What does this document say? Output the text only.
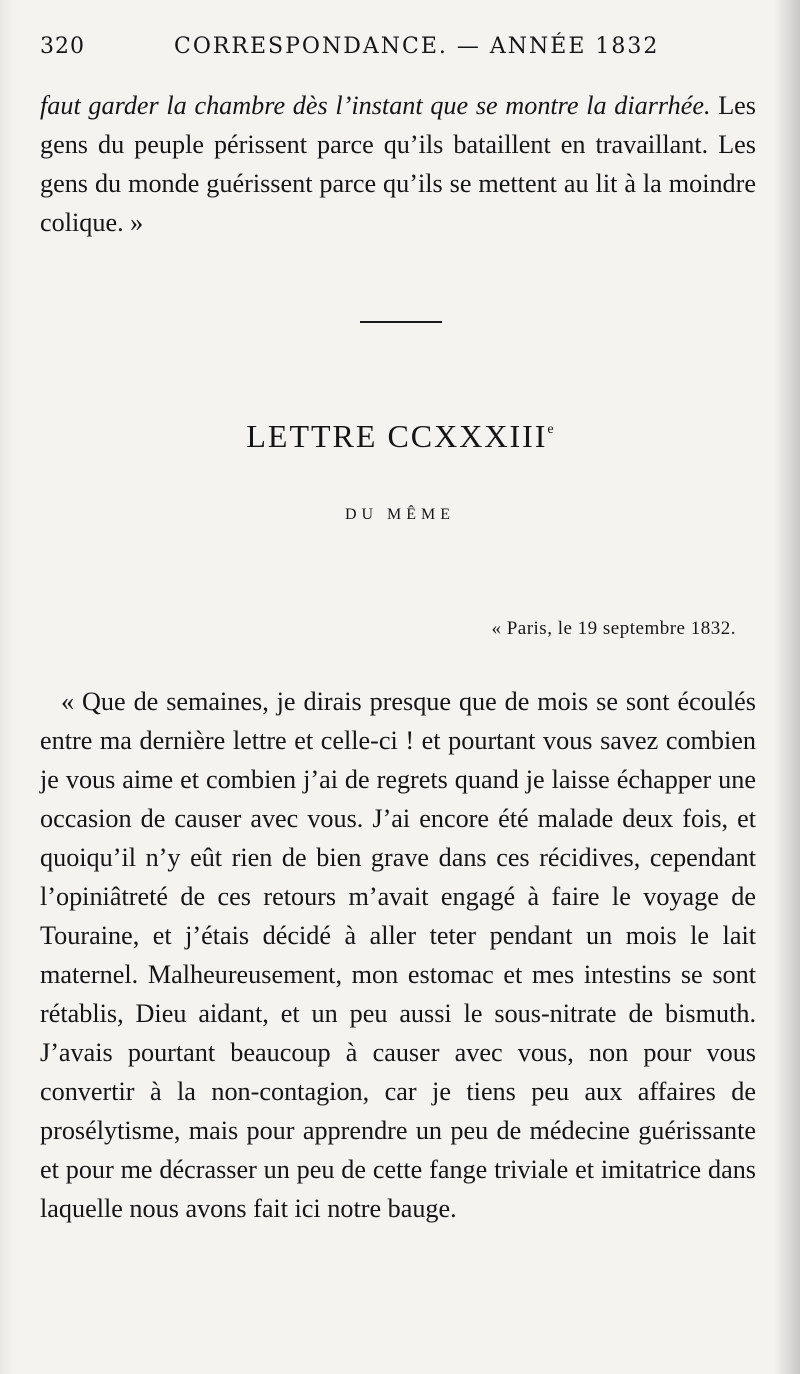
320	CORRESPONDANCE. — ANNÉE 1832

faut garder la chambre dès l’instant que se montre la diarrhée. Les gens du peuple périssent parce qu’ils bataillent en travaillant. Les gens du monde guérissent parce qu’ils se mettent au lit à la moindre colique. »

LETTRE CCXXXIIIe
DU MÊME
« Paris, le 19 septembre 1832.

« Que de semaines, je dirais presque que de mois se sont écoulés entre ma dernière lettre et celle-ci ! et pourtant vous savez combien je vous aime et combien j’ai de regrets quand je laisse échapper une occasion de causer avec vous. J’ai encore été malade deux fois, et quoiqu’il n’y eût rien de bien grave dans ces récidives, cependant l’opiniâtreté de ces retours m’avait engagé à faire le voyage de Touraine, et j’étais décidé à aller teter pendant un mois le lait maternel. Malheureusement, mon estomac et mes intestins se sont rétablis, Dieu aidant, et un peu aussi le sous-nitrate de bismuth. J’avais pourtant beaucoup à causer avec vous, non pour vous convertir à la non-contagion, car je tiens peu aux affaires de prosélytisme, mais pour apprendre un peu de médecine guérissante et pour me décrasser un peu de cette fange triviale et imitatrice dans laquelle nous avons fait ici notre bauge.
